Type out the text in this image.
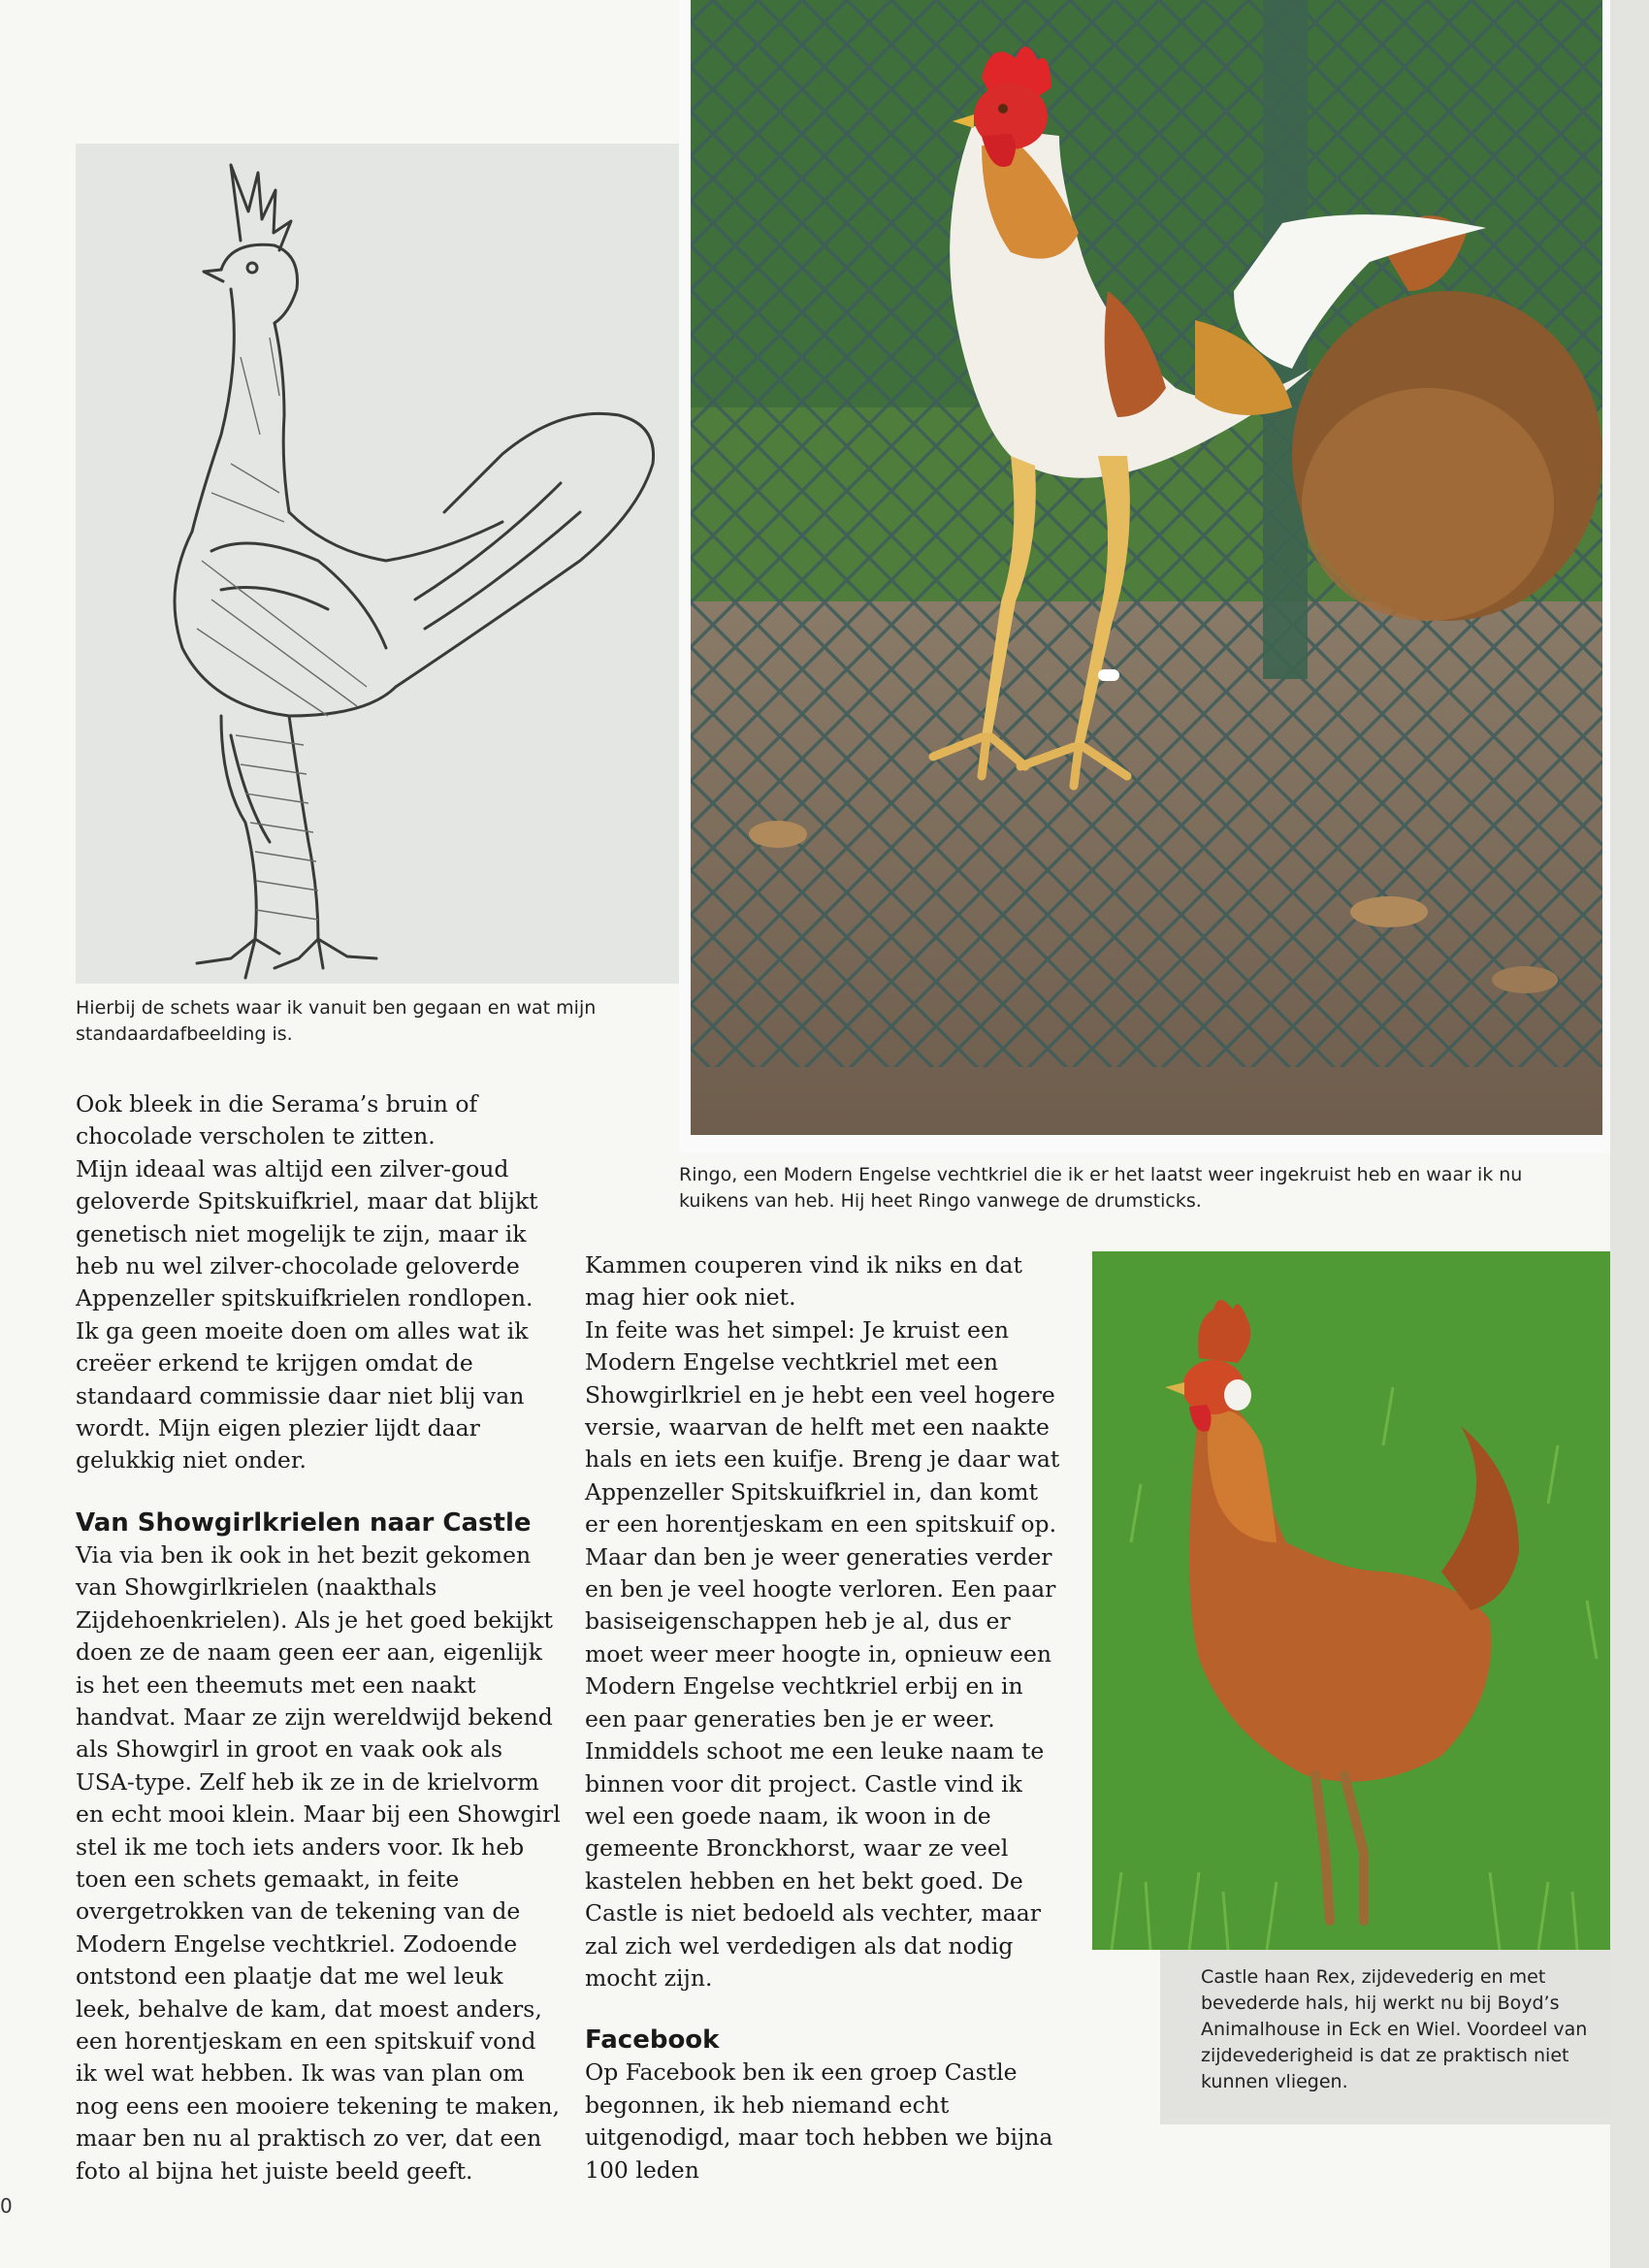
Hierbij de schets waar ik vanuit ben gegaan en wat mijn standaardafbeelding is.
Ringo, een Modern Engelse vechtkriel die ik er het laatst weer ingekruist heb en waar ik nu kuikens van heb. Hij heet Ringo vanwege de drumsticks.
Castle haan Rex, zijdevederig en met bevederde hals, hij werkt nu bij Boyd’s Animalhouse in Eck en Wiel. Voordeel van zijdevederigheid is dat ze praktisch niet kunnen vliegen.

Ook bleek in die Serama’s bruin of chocolade verscholen te zitten.
Mijn ideaal was altijd een zilver-goud geloverde Spitskuifkriel, maar dat blijkt genetisch niet mogelijk te zijn, maar ik heb nu wel zilver-chocolade geloverde Appenzeller spitskuifkrielen rondlopen. Ik ga geen moeite doen om alles wat ik creëer erkend te krijgen omdat de standaard commissie daar niet blij van wordt. Mijn eigen plezier lijdt daar gelukkig niet onder.

Van Showgirlkrielen naar Castle

Via via ben ik ook in het bezit gekomen van Showgirlkrielen (naakthals Zijdehoenkrielen). Als je het goed bekijkt doen ze de naam geen eer aan, eigenlijk is het een theemuts met een naakt handvat. Maar ze zijn wereldwijd bekend als Showgirl in groot en vaak ook als USA-type. Zelf heb ik ze in de krielvorm en echt mooi klein. Maar bij een Showgirl stel ik me toch iets anders voor. Ik heb toen een schets gemaakt, in feite overgetrokken van de tekening van de Modern Engelse vechtkriel. Zodoende ontstond een plaatje dat me wel leuk leek, behalve de kam, dat moest anders, een horentjeskam en een spitskuif vond ik wel wat hebben. Ik was van plan om nog eens een mooiere tekening te maken, maar ben nu al praktisch zo ver, dat een foto al bijna het juiste beeld geeft.

Kammen couperen vind ik niks en dat mag hier ook niet.
In feite was het simpel: Je kruist een Modern Engelse vechtkriel met een Showgirlkriel en je hebt een veel hogere versie, waarvan de helft met een naakte hals en iets een kuifje. Breng je daar wat Appenzeller Spitskuifkriel in, dan komt er een horentjeskam en een spitskuif op. Maar dan ben je weer generaties verder en ben je veel hoogte verloren. Een paar basiseigenschappen heb je al, dus er moet weer meer hoogte in, opnieuw een Modern Engelse vechtkriel erbij en in een paar generaties ben je er weer.
Inmiddels schoot me een leuke naam te binnen voor dit project. Castle vind ik wel een goede naam, ik woon in de gemeente Bronckhorst, waar ze veel kastelen hebben en het bekt goed. De Castle is niet bedoeld als vechter, maar zal zich wel verdedigen als dat nodig mocht zijn.

Facebook

Op Facebook ben ik een groep Castle begonnen, ik heb niemand echt uitgenodigd, maar toch hebben we bijna 100 leden

0
